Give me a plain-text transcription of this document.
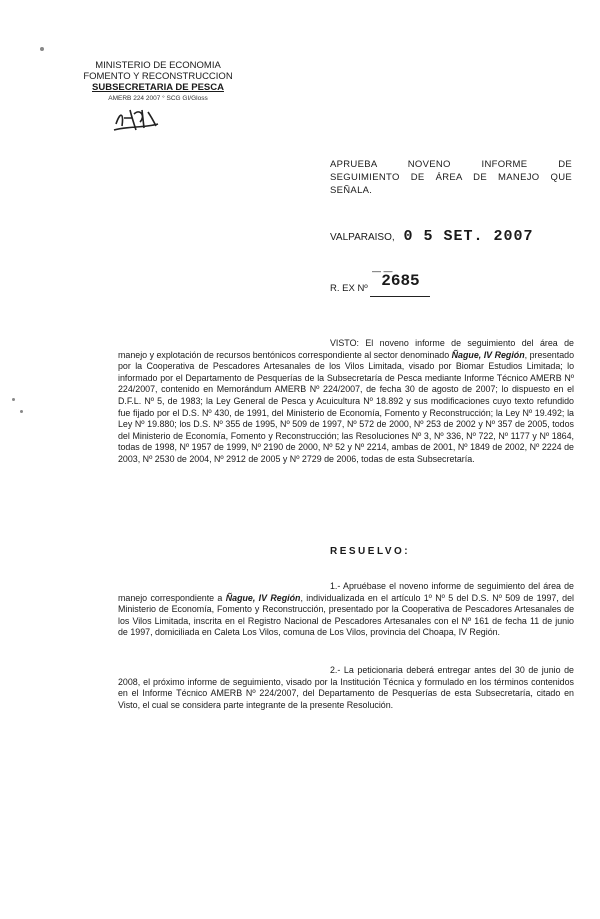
MINISTERIO DE ECONOMIA
FOMENTO Y RECONSTRUCCION
SUBSECRETARIA DE PESCA
AMERB 224 2007 ° SCG GI/Gloss
APRUEBA NOVENO INFORME DE
SEGUIMIENTO DE ÁREA DE MANEJO QUE
SEÑALA.
VALPARAISO, 0 5 SET. 2007
— —
R. EX Nº 2685
VISTO: El noveno informe de seguimiento del área de manejo y explotación de recursos bentónicos correspondiente al sector denominado Ñague, IV Región, presentado por la Cooperativa de Pescadores Artesanales de los Vilos Limitada, visado por Biomar Estudios Limitada; lo informado por el Departamento de Pesquerías de la Subsecretaría de Pesca mediante Informe Técnico AMERB Nº 224/2007, contenido en Memorándum AMERB Nº 224/2007, de fecha 30 de agosto de 2007; lo dispuesto en el D.F.L. Nº 5, de 1983; la Ley General de Pesca y Acuicultura Nº 18.892 y sus modificaciones cuyo texto refundido fue fijado por el D.S. Nº 430, de 1991, del Ministerio de Economía, Fomento y Reconstrucción; la Ley Nº 19.492; la Ley Nº 19.880; los D.S. Nº 355 de 1995, Nº 509 de 1997, Nº 572 de 2000, Nº 253 de 2002 y Nº 357 de 2005, todos del Ministerio de Economía, Fomento y Reconstrucción; las Resoluciones Nº 3, Nº 336, Nº 722, Nº 1177 y Nº 1864, todas de 1998, Nº 1957 de 1999, Nº 2190 de 2000, Nº 52 y Nº 2214, ambas de 2001, Nº 1849 de 2002, Nº 2224 de 2003, Nº 2530 de 2004, Nº 2912 de 2005 y Nº 2729 de 2006, todas de esta Subsecretaría.
RESUELVO:
1.- Apruébase el noveno informe de seguimiento del área de manejo correspondiente a Ñague, IV Región, individualizada en el artículo 1º Nº 5 del D.S. Nº 509 de 1997, del Ministerio de Economía, Fomento y Reconstrucción, presentado por la Cooperativa de Pescadores Artesanales de los Vilos Limitada, inscrita en el Registro Nacional de Pescadores Artesanales con el Nº 161 de fecha 11 de junio de 1997, domiciliada en Caleta Los Vilos, comuna de Los Vilos, provincia del Choapa, IV Región.
2.- La peticionaria deberá entregar antes del 30 de junio de 2008, el próximo informe de seguimiento, visado por la Institución Técnica y formulado en los términos contenidos en el Informe Técnico AMERB Nº 224/2007, del Departamento de Pesquerías de esta Subsecretaría, citado en Visto, el cual se considera parte integrante de la presente Resolución.
